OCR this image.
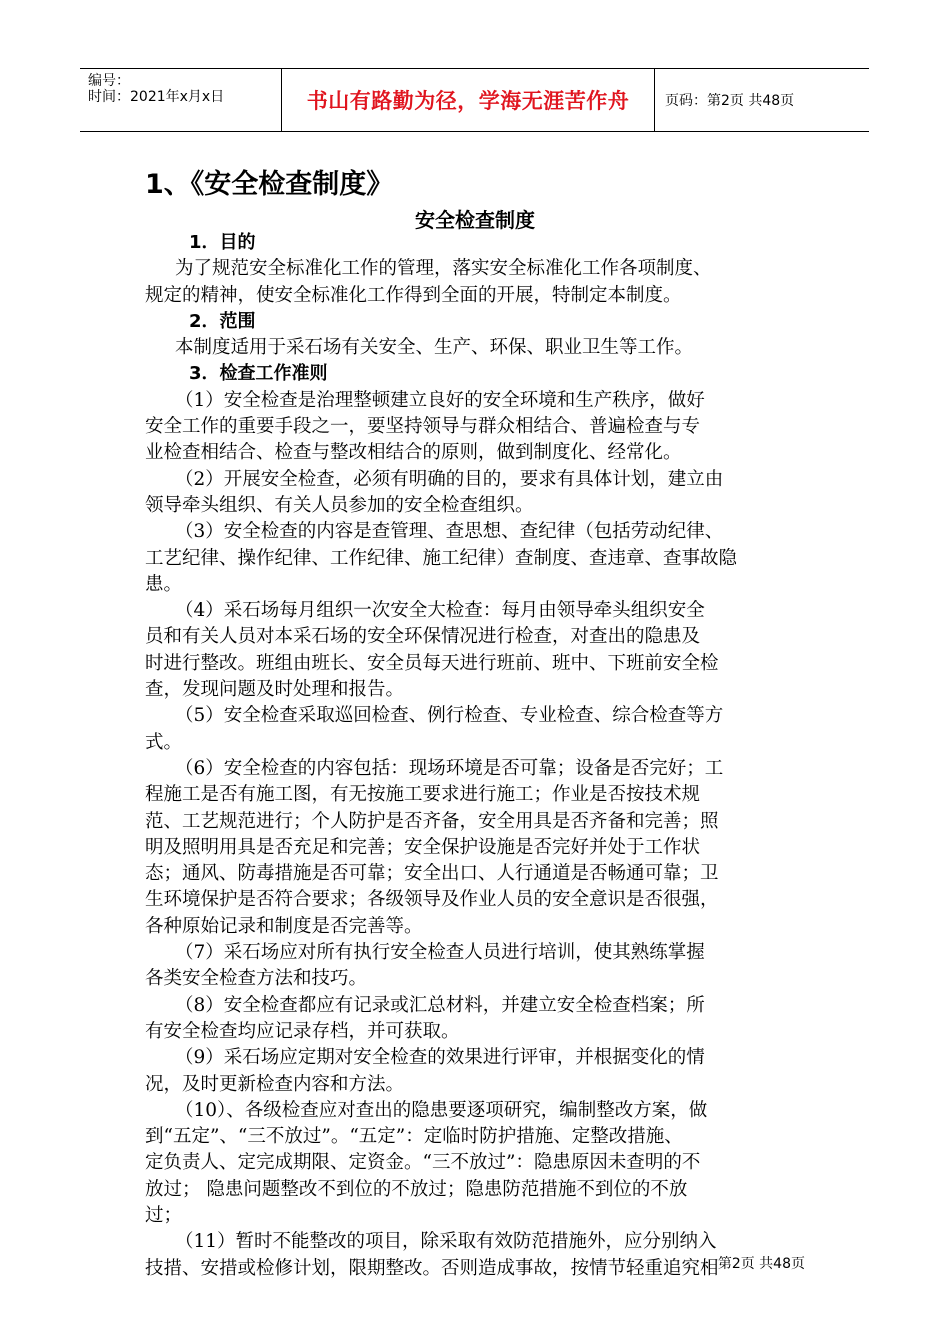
编号：
时间：2021年x月x日	书山有路勤为径，学海无涯苦作舟	页码：第2页 共48页
1、《安全检查制度》
安全检查制度
1．目的
为了规范安全标准化工作的管理，落实安全标准化工作各项制度、
规定的精神，使安全标准化工作得到全面的开展，特制定本制度。
2．范围
本制度适用于采石场有关安全、生产、环保、职业卫生等工作。
3．检查工作准则
（1）安全检查是治理整顿建立良好的安全环境和生产秩序，做好
安全工作的重要手段之一，要坚持领导与群众相结合、普遍检查与专
业检查相结合、检查与整改相结合的原则，做到制度化、经常化。
（2）开展安全检查，必须有明确的目的，要求有具体计划，建立由
领导牵头组织、有关人员参加的安全检查组织。
（3）安全检查的内容是查管理、查思想、查纪律（包括劳动纪律、
工艺纪律、操作纪律、工作纪律、施工纪律）查制度、查违章、查事故隐
患。
（4）采石场每月组织一次安全大检查：每月由领导牵头组织安全
员和有关人员对本采石场的安全环保情况进行检查，对查出的隐患及
时进行整改。班组由班长、安全员每天进行班前、班中、下班前安全检
查，发现问题及时处理和报告。
（5）安全检查采取巡回检查、例行检查、专业检查、综合检查等方
式。
（6）安全检查的内容包括：现场环境是否可靠；设备是否完好；工
程施工是否有施工图，有无按施工要求进行施工；作业是否按技术规
范、工艺规范进行；个人防护是否齐备，安全用具是否齐备和完善；照
明及照明用具是否充足和完善；安全保护设施是否完好并处于工作状
态；通风、防毒措施是否可靠；安全出口、人行通道是否畅通可靠；卫
生环境保护是否符合要求；各级领导及作业人员的安全意识是否很强，
各种原始记录和制度是否完善等。
（7）采石场应对所有执行安全检查人员进行培训，使其熟练掌握
各类安全检查方法和技巧。
（8）安全检查都应有记录或汇总材料，并建立安全检查档案；所
有安全检查均应记录存档，并可获取。
（9）采石场应定期对安全检查的效果进行评审，并根据变化的情
况，及时更新检查内容和方法。
（10）、各级检查应对查出的隐患要逐项研究，编制整改方案，做
到“五定”、“三不放过”。“五定”：定临时防护措施、定整改措施、
定负责人、定完成期限、定资金。“三不放过”：隐患原因未查明的不
放过； 隐患问题整改不到位的不放过；隐患防范措施不到位的不放
过；
（11）暂时不能整改的项目，除采取有效防范措施外，应分别纳入
技措、安措或检修计划，限期整改。否则造成事故，按情节轻重追究相 第2页 共48页
